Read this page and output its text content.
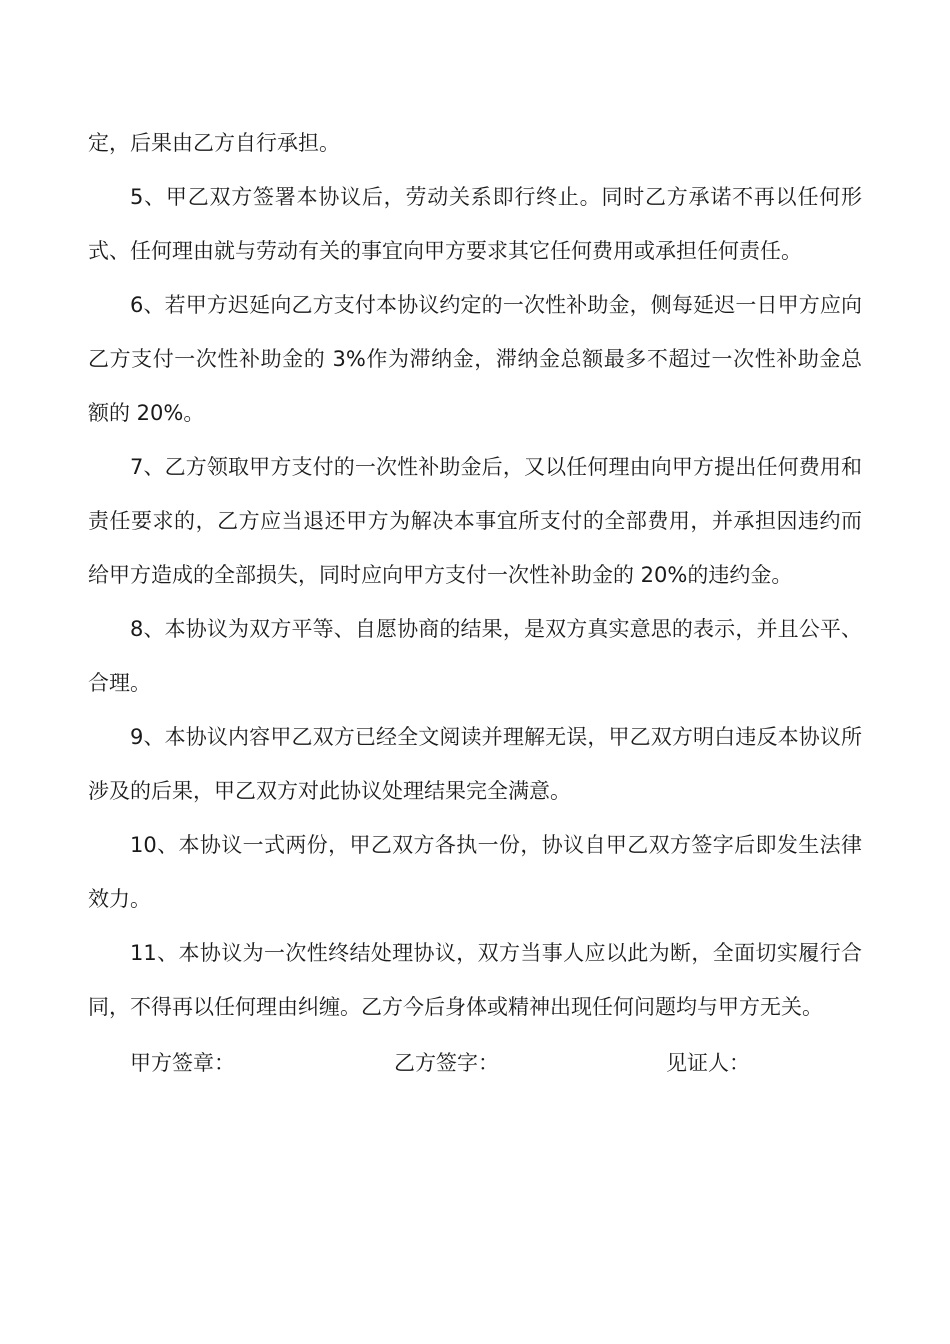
定，后果由乙方自行承担。

5、甲乙双方签署本协议后，劳动关系即行终止。同时乙方承诺不再以任何形式、任何理由就与劳动有关的事宜向甲方要求其它任何费用或承担任何责任。

6、若甲方迟延向乙方支付本协议约定的一次性补助金，侧每延迟一日甲方应向乙方支付一次性补助金的 3%作为滞纳金，滞纳金总额最多不超过一次性补助金总额的 20%。

7、乙方领取甲方支付的一次性补助金后，又以任何理由向甲方提出任何费用和责任要求的，乙方应当退还甲方为解决本事宜所支付的全部费用，并承担因违约而给甲方造成的全部损失，同时应向甲方支付一次性补助金的 20%的违约金。

8、本协议为双方平等、自愿协商的结果，是双方真实意思的表示，并且公平、合理。

9、本协议内容甲乙双方已经全文阅读并理解无误，甲乙双方明白违反本协议所涉及的后果，甲乙双方对此协议处理结果完全满意。

10、本协议一式两份，甲乙双方各执一份，协议自甲乙双方签字后即发生法律效力。

11、本协议为一次性终结处理协议，双方当事人应以此为断，全面切实履行合同，不得再以任何理由纠缠。乙方今后身体或精神出现任何问题均与甲方无关。

甲方签章：	乙方签字：	见证人：
